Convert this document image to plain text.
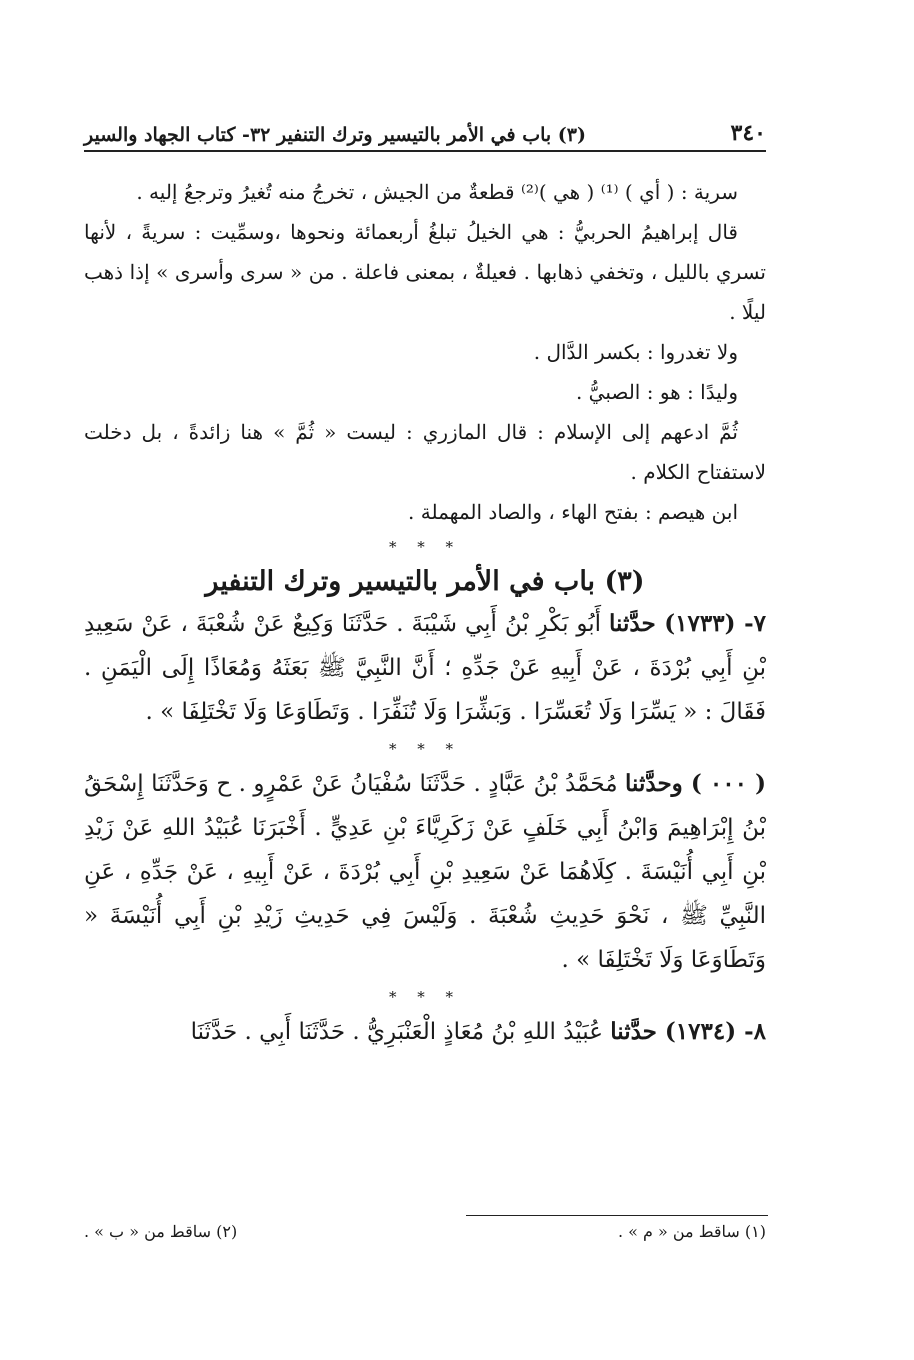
٣٤٠
(٣) باب في الأمر بالتيسير وترك التنفير ٣٢- كتاب الجهاد والسير

سرية : ( أي ) ⁽¹⁾ ( هي )⁽²⁾ قطعةٌ من الجيش ، تخرجُ منه تُغيرُ وترجعُ إليه .

قال إبراهيمُ الحربيُّ : هي الخيلُ تبلغُ أربعمائة ونحوها ،وسمِّيت : سريةً ، لأنها تسري بالليل ، وتخفي ذهابها . فعيلةٌ ، بمعنى فاعلة . من « سرى وأسرى » إذا ذهب ليلًا .

ولا تغدروا : بكسر الدَّال .

وليدًا : هو : الصبيُّ .

ثُمَّ ادعهم إلى الإسلام : قال المازري : ليست « ثُمَّ » هنا زائدةً ، بل دخلت لاستفتاح الكلام .

ابن هيصم : بفتح الهاء ، والصاد المهملة .

* * *
(٣) باب في الأمر بالتيسير وترك التنفير

٧- (١٧٣٣) حدَّثنا أَبُو بَكْرِ بْنُ أَبِي شَيْبَةَ . حَدَّثَنَا وَكِيعٌ عَنْ شُعْبَةَ ، عَنْ سَعِيدِ بْنِ أَبِي بُرْدَةَ ، عَنْ أَبِيهِ عَنْ جَدِّهِ ؛ أَنَّ النَّبِيَّ ﷺ بَعَثَهُ وَمُعَاذًا إِلَى الْيَمَنِ . فَقَالَ : « يَسِّرَا وَلَا تُعَسِّرَا . وَبَشِّرَا وَلَا تُنَفِّرَا . وَتَطَاوَعَا وَلَا تَخْتَلِفَا » .

* * *

( ٠٠٠ ) وحدَّثنا مُحَمَّدُ بْنُ عَبَّادٍ . حَدَّثَنَا سُفْيَانُ عَنْ عَمْرٍو . ح وَحَدَّثَنَا إِسْحَقُ بْنُ إِبْرَاهِيمَ وَابْنُ أَبِي خَلَفٍ عَنْ زَكَرِيَّاءَ بْنِ عَدِيٍّ . أَخْبَرَنَا عُبَيْدُ اللهِ عَنْ زَيْدِ بْنِ أَبِي أُنَيْسَةَ . كِلَاهُمَا عَنْ سَعِيدِ بْنِ أَبِي بُرْدَةَ ، عَنْ أَبِيهِ ، عَنْ جَدِّهِ ، عَنِ النَّبِيِّ ﷺ ، نَحْوَ حَدِيثِ شُعْبَةَ . وَلَيْسَ فِي حَدِيثِ زَيْدِ بْنِ أَبِي أُنَيْسَةَ « وَتَطَاوَعَا وَلَا تَخْتَلِفَا » .

* * *

٨- (١٧٣٤) حدَّثنا عُبَيْدُ اللهِ بْنُ مُعَاذٍ الْعَنْبَرِيُّ . حَدَّثَنَا أَبِي . حَدَّثَنَا

(١) ساقط من « م » .
(٢) ساقط من « ب » .
